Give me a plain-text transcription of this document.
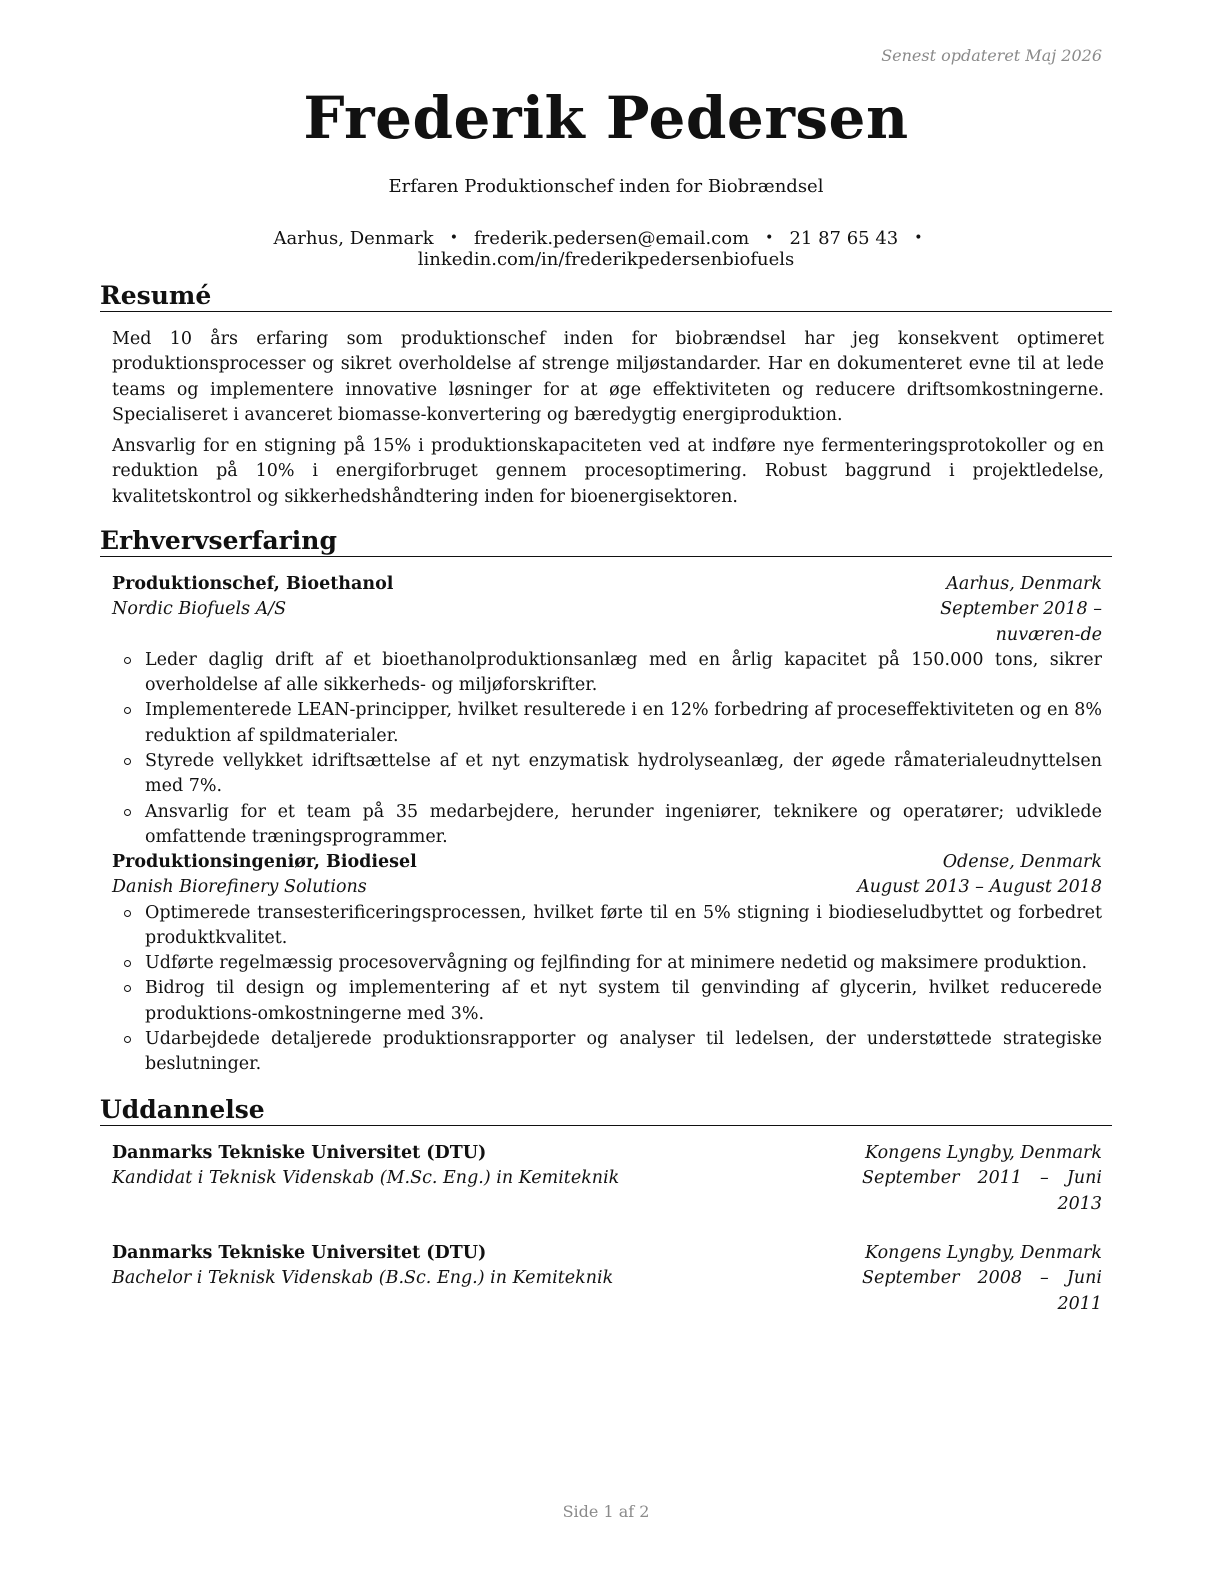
Senest opdateret Maj 2026
Frederik Pedersen
Erfaren Produktionschef inden for Biobrændsel
Aarhus, Denmark • frederik.pedersen@email.com • 21 87 65 43 •linkedin.com/in/frederikpedersenbiofuels
Resumé
Med 10 års erfaring som produktionschef inden for biobrændsel har jeg konsekvent optimeret produktionsprocesser og sikret overholdelse af strenge miljøstandarder. Har en dokumenteret evne til at lede teams og implementere innovative løsninger for at øge effektiviteten og reducere driftsomkostningerne. Specialiseret i avanceret biomasse-konvertering og bæredygtig energiproduktion.
Ansvarlig for en stigning på 15% i produktionskapaciteten ved at indføre nye fermenteringsprotokoller og en reduktion på 10% i energiforbruget gennem procesoptimering. Robust baggrund i projektledelse, kvalitetskontrol og sikkerhedshåndtering inden for bioenergisektoren.
Erhvervserfaring
Produktionschef, Bioethanol	Aarhus, Denmark
Nordic Biofuels A/S	September 2018 – nuværen-de
Leder daglig drift af et bioethanolproduktionsanlæg med en årlig kapacitet på 150.000 tons, sikrer overholdelse af alle sikkerheds- og miljøforskrifter.
Implementerede LEAN-principper, hvilket resulterede i en 12% forbedring af proceseffektiviteten og en 8% reduktion af spildmaterialer.
Styrede vellykket idriftsættelse af et nyt enzymatisk hydrolyseanlæg, der øgede råmaterialeudnyttelsen med 7%.
Ansvarlig for et team på 35 medarbejdere, herunder ingeniører, teknikere og operatører; udviklede omfattende træningsprogrammer.
Produktionsingeniør, Biodiesel	Odense, Denmark
Danish Biorefinery Solutions	August 2013 – August 2018
Optimerede transesterificeringsprocessen, hvilket førte til en 5% stigning i biodieseludbyttet og forbedret produktkvalitet.
Udførte regelmæssig procesovervågning og fejlfinding for at minimere nedetid og maksimere produktion.
Bidrog til design og implementering af et nyt system til genvinding af glycerin, hvilket reducerede produktions-omkostningerne med 3%.
Udarbejdede detaljerede produktionsrapporter og analyser til ledelsen, der understøttede strategiske beslutninger.
Uddannelse
Danmarks Tekniske Universitet (DTU)	Kongens Lyngby, Denmark
Kandidat i Teknisk Videnskab (M.Sc. Eng.) in Kemiteknik	September 2011 – Juni 2013
Danmarks Tekniske Universitet (DTU)	Kongens Lyngby, Denmark
Bachelor i Teknisk Videnskab (B.Sc. Eng.) in Kemiteknik	September 2008 – Juni 2011
Side 1 af 2
